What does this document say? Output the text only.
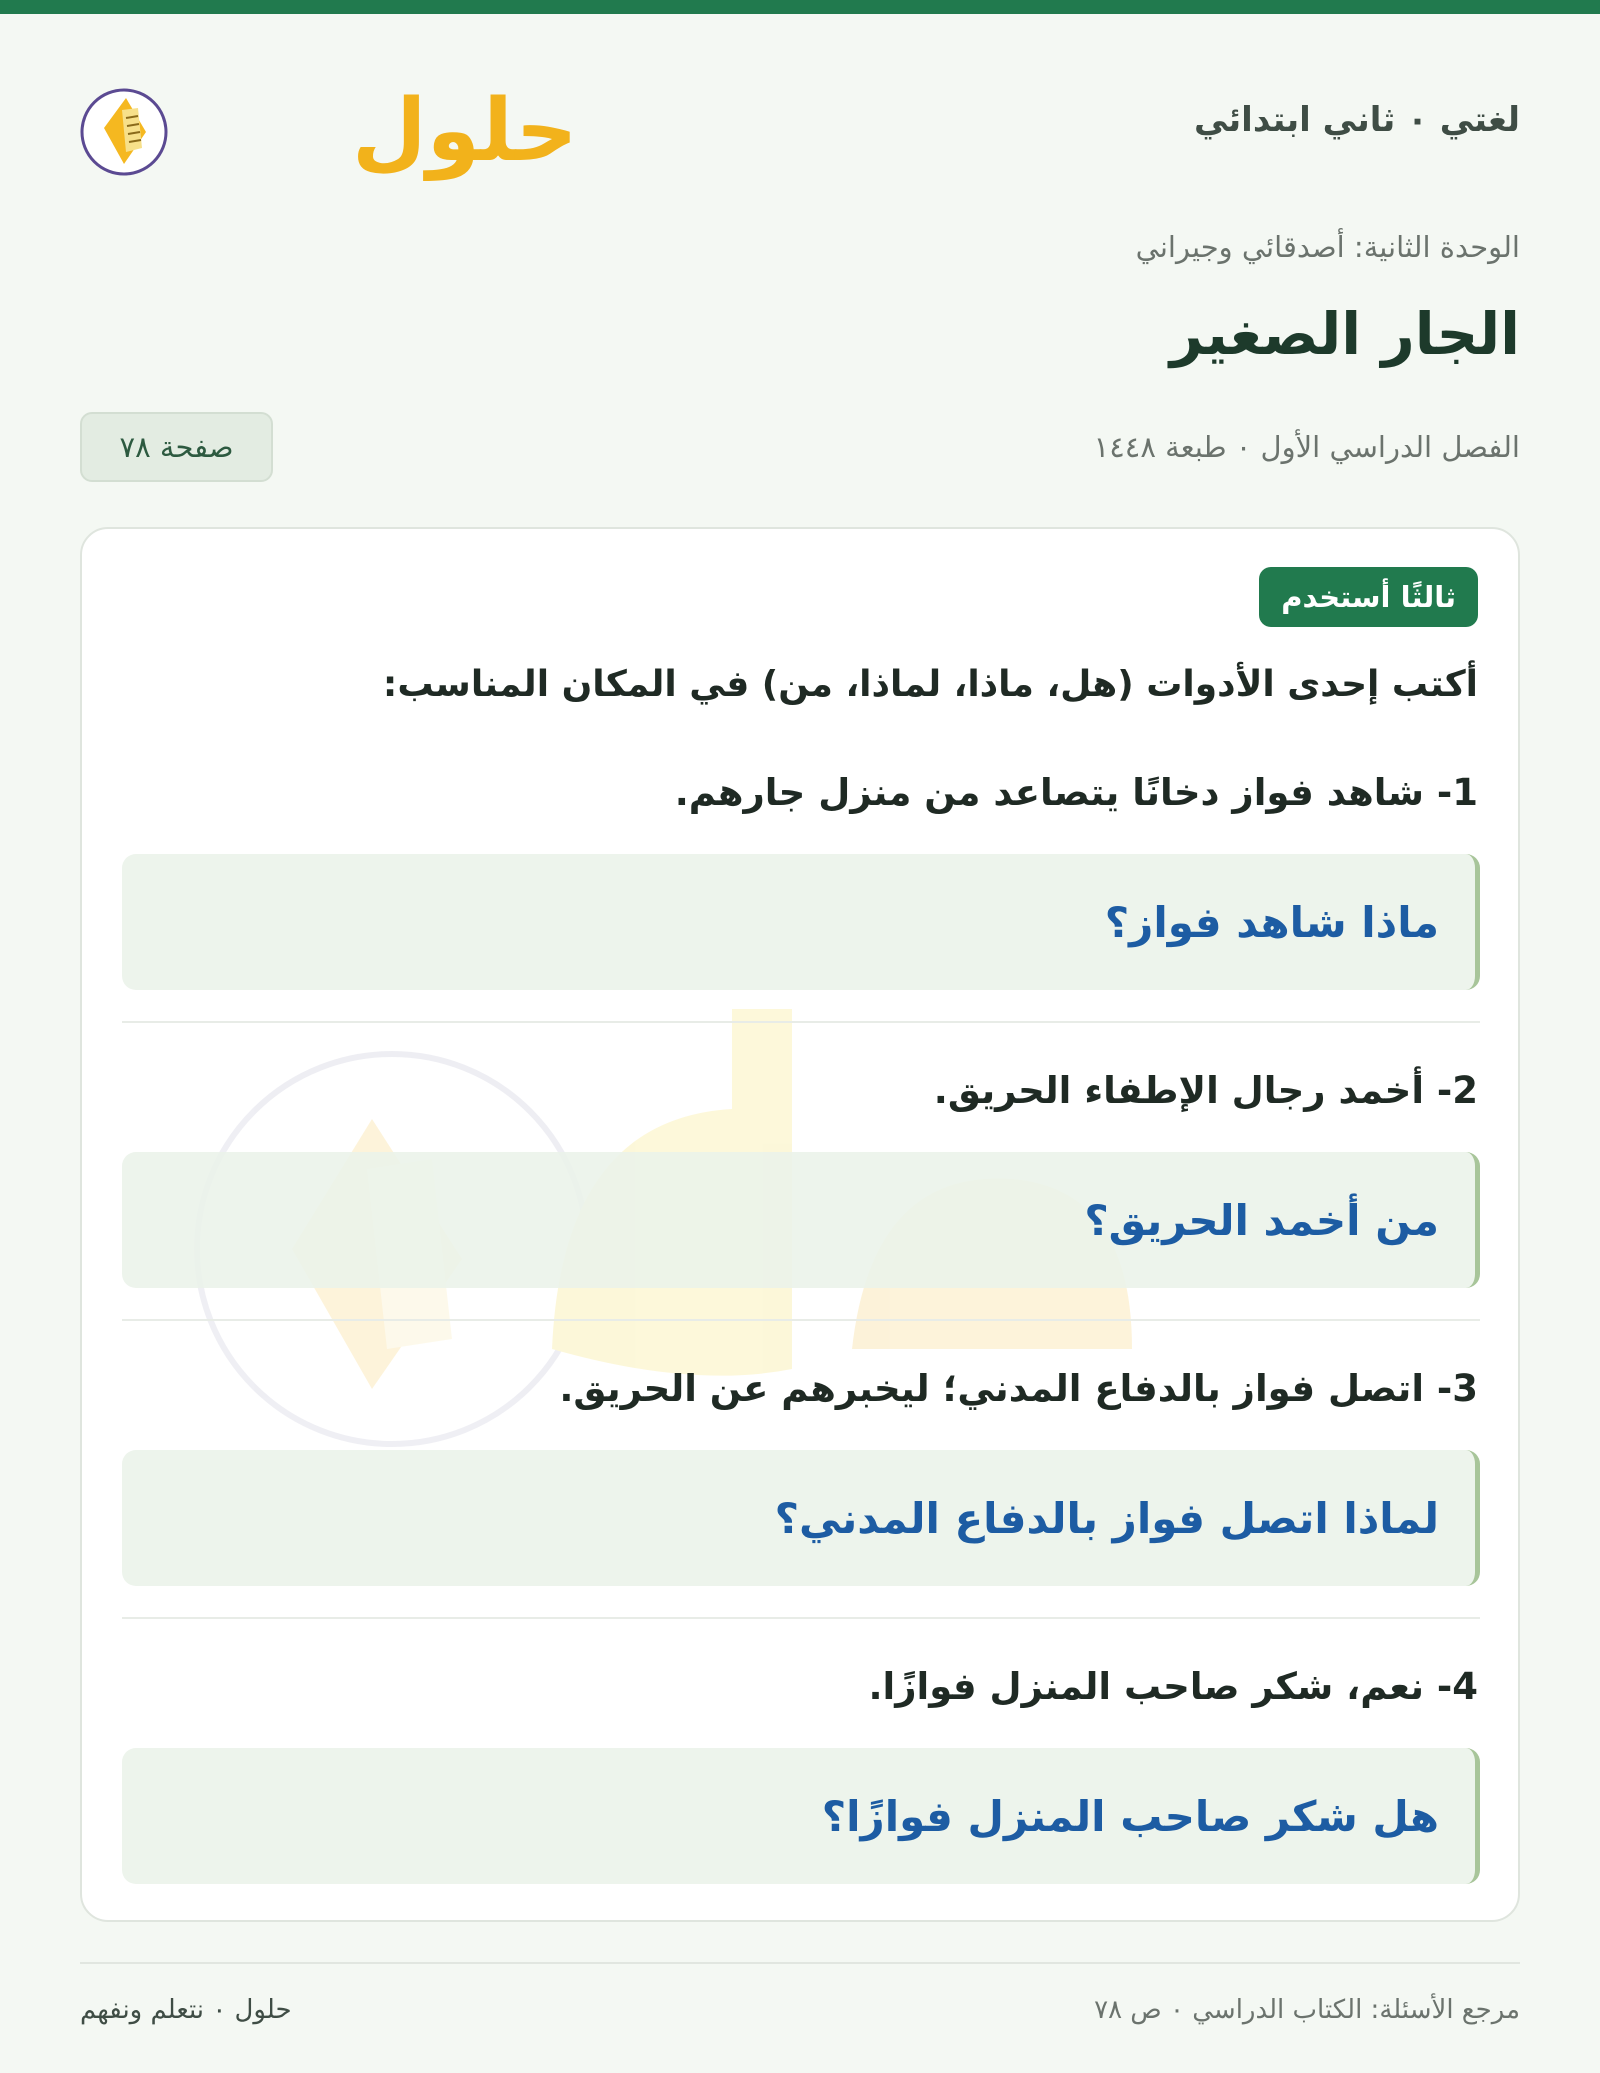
حلول	لغتي ٠ ثاني ابتدائي
الوحدة الثانية: أصدقائي وجيراني
الجار الصغير
الفصل الدراسي الأول ٠ طبعة ١٤٤٨
صفحة ٧٨
ثالثًا أستخدم
أكتب إحدى الأدوات (هل، ماذا، لماذا، من) في المكان المناسب:
1- شاهد فواز دخانًا يتصاعد من منزل جارهم.
ماذا شاهد فواز؟
2- أخمد رجال الإطفاء الحريق.
من أخمد الحريق؟
3- اتصل فواز بالدفاع المدني؛ ليخبرهم عن الحريق.
لماذا اتصل فواز بالدفاع المدني؟
4- نعم، شكر صاحب المنزل فوازًا.
هل شكر صاحب المنزل فوازًا؟
مرجع الأسئلة: الكتاب الدراسي ٠ ص ٧٨
حلول ٠ نتعلم ونفهم
